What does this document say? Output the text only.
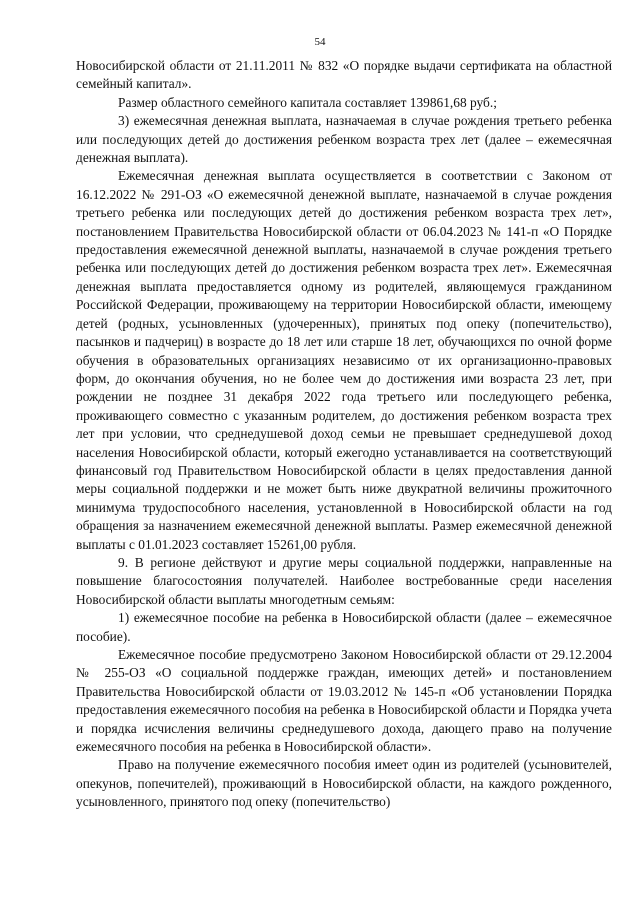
54

Новосибирской области от 21.11.2011 № 832 «О порядке выдачи сертификата на областной семейный капитал».

Размер областного семейного капитала составляет 139861,68 руб.;

3) ежемесячная денежная выплата, назначаемая в случае рождения третьего ребенка или последующих детей до достижения ребенком возраста трех лет (далее – ежемесячная денежная выплата).

Ежемесячная денежная выплата осуществляется в соответствии с Законом от 16.12.2022 № 291-ОЗ «О ежемесячной денежной выплате, назначаемой в случае рождения третьего ребенка или последующих детей до достижения ребенком возраста трех лет», постановлением Правительства Новосибирской области от 06.04.2023 № 141-п «О Порядке предоставления ежемесячной денежной выплаты, назначаемой в случае рождения третьего ребенка или последующих детей до достижения ребенком возраста трех лет». Ежемесячная денежная выплата предоставляется одному из родителей, являющемуся гражданином Российской Федерации, проживающему на территории Новосибирской области, имеющему детей (родных, усыновленных (удочеренных), принятых под опеку (попечительство), пасынков и падчериц) в возрасте до 18 лет или старше 18 лет, обучающихся по очной форме обучения в образовательных организациях независимо от их организационно-правовых форм, до окончания обучения, но не более чем до достижения ими возраста 23 лет, при рождении не позднее 31 декабря 2022 года третьего или последующего ребенка, проживающего совместно с указанным родителем, до достижения ребенком возраста трех лет при условии, что среднедушевой доход семьи не превышает среднедушевой доход населения Новосибирской области, который ежегодно устанавливается на соответствующий финансовый год Правительством Новосибирской области в целях предоставления данной меры социальной поддержки и не может быть ниже двукратной величины прожиточного минимума трудоспособного населения, установленной в Новосибирской области на год обращения за назначением ежемесячной денежной выплаты. Размер ежемесячной денежной выплаты с 01.01.2023 составляет 15261,00 рубля.

9. В регионе действуют и другие меры социальной поддержки, направленные на повышение благосостояния получателей. Наиболее востребованные среди населения Новосибирской области выплаты многодетным семьям:

1) ежемесячное пособие на ребенка в Новосибирской области (далее – ежемесячное пособие).

Ежемесячное пособие предусмотрено Законом Новосибирской области от 29.12.2004 № 255-ОЗ «О социальной поддержке граждан, имеющих детей» и постановлением Правительства Новосибирской области от 19.03.2012 № 145-п «Об установлении Порядка предоставления ежемесячного пособия на ребенка в Новосибирской области и Порядка учета и порядка исчисления величины среднедушевого дохода, дающего право на получение ежемесячного пособия на ребенка в Новосибирской области».

Право на получение ежемесячного пособия имеет один из родителей (усыновителей, опекунов, попечителей), проживающий в Новосибирской области, на каждого рожденного, усыновленного, принятого под опеку (попечительство)
